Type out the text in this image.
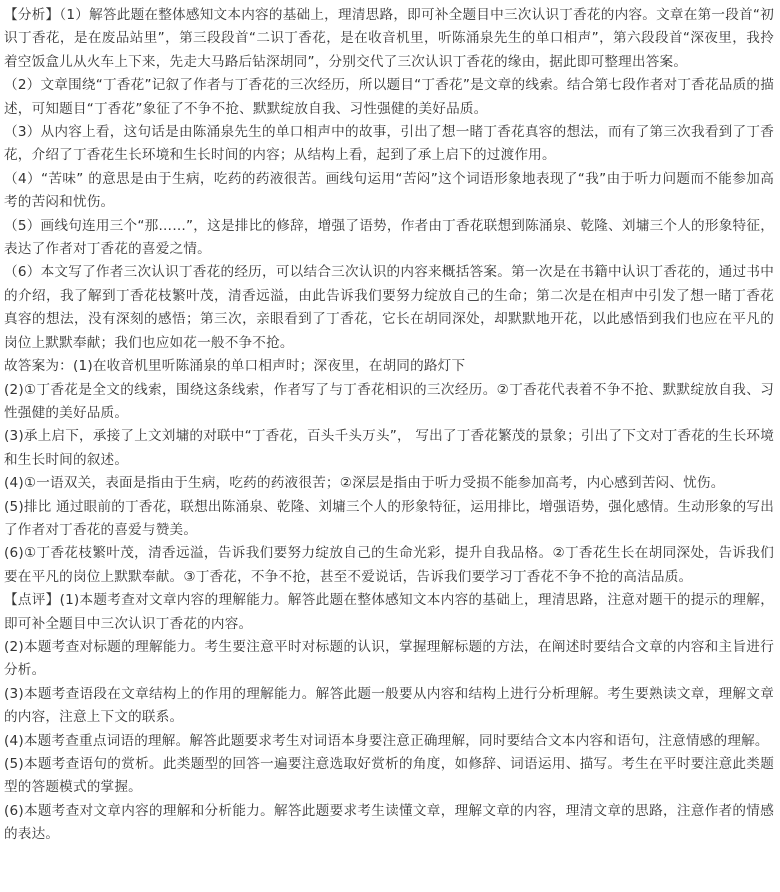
【分析】（1）解答此题在整体感知文本内容的基础上，理清思路，即可补全题目中三次认识丁香花的内容。文章在第一段首“初识丁香花，是在废品站里”，第三段段首“二识丁香花，是在收音机里，听陈涌泉先生的单口相声”，第六段段首“深夜里，我拎着空饭盒儿从火车上下来，先走大马路后钻深胡同”，分别交代了三次认识丁香花的缘由，据此即可整理出答案。

（2）文章围绕“丁香花”记叙了作者与丁香花的三次经历，所以题目“丁香花”是文章的线索。结合第七段作者对丁香花品质的描述，可知题目“丁香花”象征了不争不抢、默默绽放自我、习性强健的美好品质。

（3）从内容上看，这句话是由陈涌泉先生的单口相声中的故事，引出了想一睹丁香花真容的想法，而有了第三次我看到了丁香花，介绍了丁香花生长环境和生长时间的内容；从结构上看，起到了承上启下的过渡作用。

（4）“苦味” 的意思是由于生病，吃药的药液很苦。画线句运用“苦闷”这个词语形象地表现了“我”由于听力问题而不能参加高考的苦闷和忧伤。

（5）画线句连用三个“那……”，这是排比的修辞，增强了语势，作者由丁香花联想到陈涌泉、乾隆、刘墉三个人的形象特征，表达了作者对丁香花的喜爱之情。

（6）本文写了作者三次认识丁香花的经历，可以结合三次认识的内容来概括答案。第一次是在书籍中认识丁香花的，通过书中的介绍，我了解到丁香花枝繁叶茂，清香远溢，由此告诉我们要努力绽放自己的生命；第二次是在相声中引发了想一睹丁香花真容的想法，没有深刻的感悟；第三次，亲眼看到了丁香花，它长在胡同深处，却默默地开花，以此感悟到我们也应在平凡的岗位上默默奉献；我们也应如花一般不争不抢。

故答案为：(1)在收音机里听陈涌泉的单口相声时；深夜里，在胡同的路灯下

(2)①丁香花是全文的线索，围绕这条线索，作者写了与丁香花相识的三次经历。②丁香花代表着不争不抢、默默绽放自我、习性强健的美好品质。

(3)承上启下，承接了上文刘墉的对联中“丁香花，百头千头万头”， 写出了丁香花繁茂的景象；引出了下文对丁香花的生长环境和生长时间的叙述。

(4)①一语双关，表面是指由于生病，吃药的药液很苦；②深层是指由于听力受损不能参加高考，内心感到苦闷、忧伤。

(5)排比 通过眼前的丁香花，联想出陈涌泉、乾隆、刘墉三个人的形象特征，运用排比，增强语势，强化感情。生动形象的写出了作者对丁香花的喜爱与赞美。

(6)①丁香花枝繁叶茂，清香远溢，告诉我们要努力绽放自己的生命光彩，提升自我品格。②丁香花生长在胡同深处，告诉我们要在平凡的岗位上默默奉献。③丁香花，不争不抢，甚至不爱说话，告诉我们要学习丁香花不争不抢的高洁品质。

【点评】(1)本题考查对文章内容的理解能力。解答此题在整体感知文本内容的基础上，理清思路，注意对题干的提示的理解，即可补全题目中三次认识丁香花的内容。

(2)本题考查对标题的理解能力。考生要注意平时对标题的认识，掌握理解标题的方法，在阐述时要结合文章的内容和主旨进行分析。

(3)本题考查语段在文章结构上的作用的理解能力。解答此题一般要从内容和结构上进行分析理解。考生要熟读文章，理解文章的内容，注意上下文的联系。

(4)本题考查重点词语的理解。解答此题要求考生对词语本身要注意正确理解，同时要结合文本内容和语句，注意情感的理解。

(5)本题考查语句的赏析。此类题型的回答一遍要注意选取好赏析的角度，如修辞、词语运用、描写。考生在平时要注意此类题型的答题模式的掌握。

(6)本题考查对文章内容的理解和分析能力。解答此题要求考生读懂文章，理解文章的内容，理清文章的思路，注意作者的情感的表达。
